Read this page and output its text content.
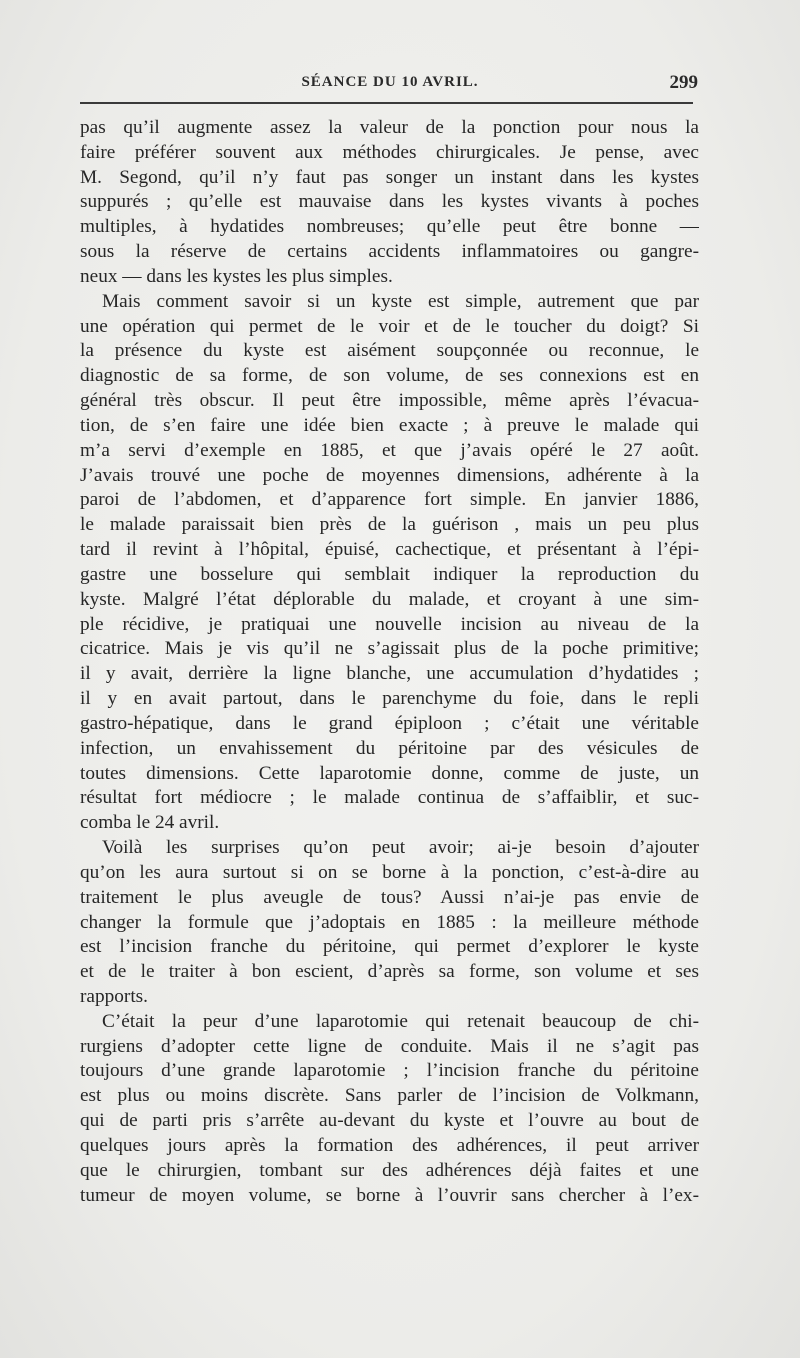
SÉANCE DU 10 AVRIL.	299
pas qu’il augmente assez la valeur de la ponction pour nous la
faire préférer souvent aux méthodes chirurgicales. Je pense, avec
M. Segond, qu’il n’y faut pas songer un instant dans les kystes
suppurés ; qu’elle est mauvaise dans les kystes vivants à poches
multiples, à hydatides nombreuses; qu’elle peut être bonne —
sous la réserve de certains accidents inflammatoires ou gangre-
neux — dans les kystes les plus simples.
Mais comment savoir si un kyste est simple, autrement que par
une opération qui permet de le voir et de le toucher du doigt? Si
la présence du kyste est aisément soupçonnée ou reconnue, le
diagnostic de sa forme, de son volume, de ses connexions est en
général très obscur. Il peut être impossible, même après l’évacua-
tion, de s’en faire une idée bien exacte ; à preuve le malade qui
m’a servi d’exemple en 1885, et que j’avais opéré le 27 août.
J’avais trouvé une poche de moyennes dimensions, adhérente à la
paroi de l’abdomen, et d’apparence fort simple. En janvier 1886,
le malade paraissait bien près de la guérison , mais un peu plus
tard il revint à l’hôpital, épuisé, cachectique, et présentant à l’épi-
gastre une bosselure qui semblait indiquer la reproduction du
kyste. Malgré l’état déplorable du malade, et croyant à une sim-
ple récidive, je pratiquai une nouvelle incision au niveau de la
cicatrice. Mais je vis qu’il ne s’agissait plus de la poche primitive;
il y avait, derrière la ligne blanche, une accumulation d’hydatides ;
il y en avait partout, dans le parenchyme du foie, dans le repli
gastro-hépatique, dans le grand épiploon ; c’était une véritable
infection, un envahissement du péritoine par des vésicules de
toutes dimensions. Cette laparotomie donne, comme de juste, un
résultat fort médiocre ; le malade continua de s’affaiblir, et suc-
comba le 24 avril.
Voilà les surprises qu’on peut avoir; ai-je besoin d’ajouter
qu’on les aura surtout si on se borne à la ponction, c’est-à-dire au
traitement le plus aveugle de tous? Aussi n’ai-je pas envie de
changer la formule que j’adoptais en 1885 : la meilleure méthode
est l’incision franche du péritoine, qui permet d’explorer le kyste
et de le traiter à bon escient, d’après sa forme, son volume et ses
rapports.
C’était la peur d’une laparotomie qui retenait beaucoup de chi-
rurgiens d’adopter cette ligne de conduite. Mais il ne s’agit pas
toujours d’une grande laparotomie ; l’incision franche du péritoine
est plus ou moins discrète. Sans parler de l’incision de Volkmann,
qui de parti pris s’arrête au-devant du kyste et l’ouvre au bout de
quelques jours après la formation des adhérences, il peut arriver
que le chirurgien, tombant sur des adhérences déjà faites et une
tumeur de moyen volume, se borne à l’ouvrir sans chercher à l’ex-
